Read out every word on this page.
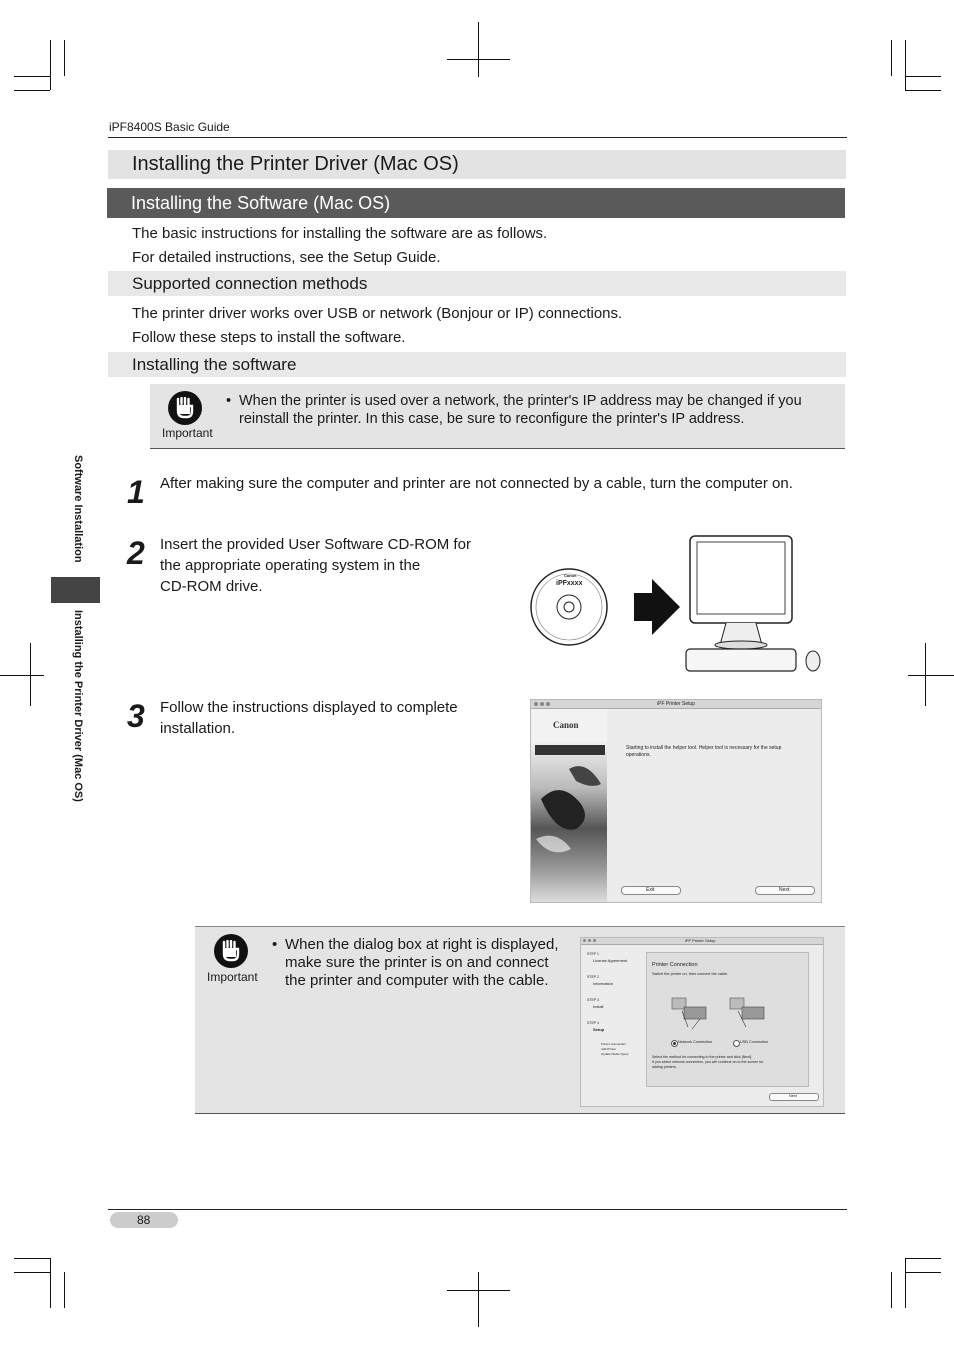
iPF8400S Basic Guide
Installing the Printer Driver (Mac OS)
Installing the Software (Mac OS)
The basic instructions for installing the software are as follows.
For detailed instructions, see the Setup Guide.
Supported connection methods
The printer driver works over USB or network (Bonjour or IP) connections.
Follow these steps to install the software.
Installing the software
Important
• When the printer is used over a network, the printer's IP address may be changed if you
reinstall the printer. In this case, be sure to reconfigure the printer's IP address.
1 After making sure the computer and printer are not connected by a cable, turn the computer on.
2 Insert the provided User Software CD-ROM for
the appropriate operating system in the
CD-ROM drive.
Canon
iPFxxxx
3 Follow the instructions displayed to complete
installation.
iPF Printer Setup
Canon
Starting to install the helper tool. Helper tool is necessary for the setup
operations.
Exit	Next
Important
• When the dialog box at right is displayed,
make sure the printer is on and connect
the printer and computer with the cable.
iPF Printer Setup
STEP 1
License Agreement
STEP 2
Information
STEP 3
Install
STEP 4
Setup
Printer Connection
Add Printer
Update Media Types
Printer Connection
Switch the printer on, then connect the cable.
Network Connection	USB Connection
Select the method for connecting to the printer and click [Next].
If you select network connection, you will continue on to the screen for
adding printers.
Next
Software Installation
Installing the Printer Driver (Mac OS)
88
